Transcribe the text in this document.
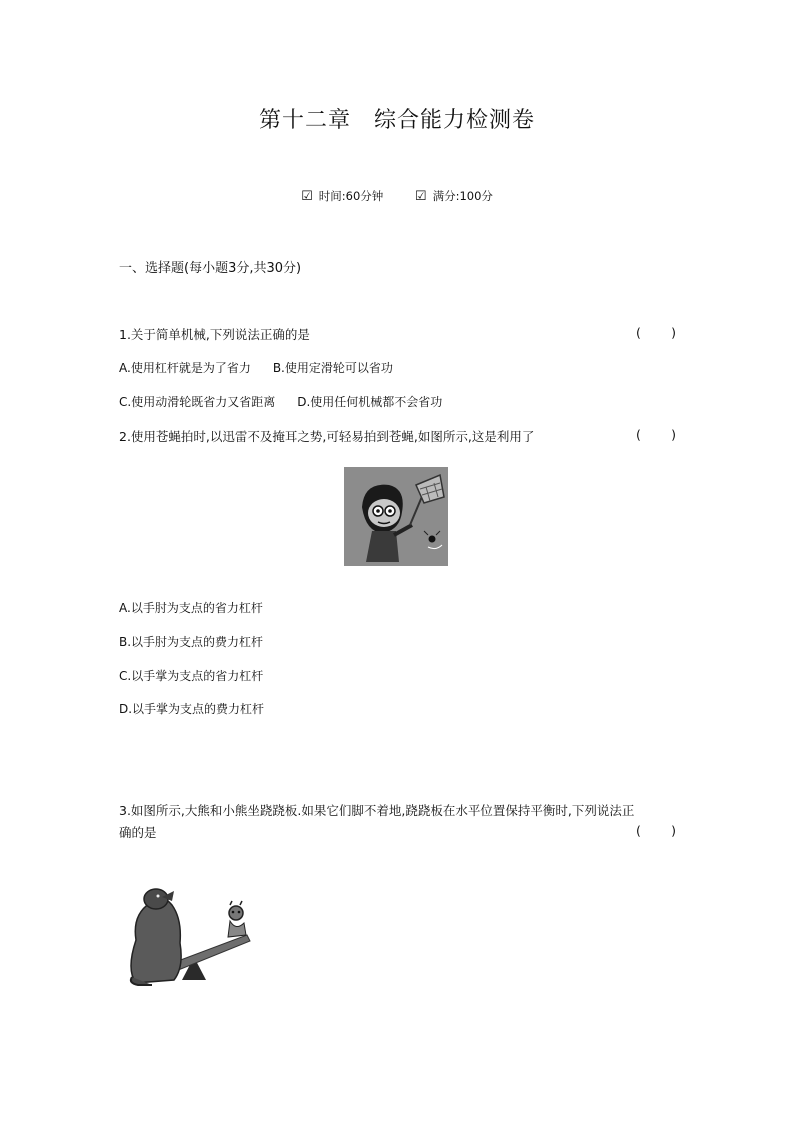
第十二章　综合能力检测卷
☑ 时间:60分钟 ☑ 满分:100分
一、选择题(每小题3分,共30分)
1.关于简单机械,下列说法正确的是	( )
A.使用杠杆就是为了省力 B.使用定滑轮可以省功
C.使用动滑轮既省力又省距离 D.使用任何机械都不会省功
2.使用苍蝇拍时,以迅雷不及掩耳之势,可轻易拍到苍蝇,如图所示,这是利用了	( )
A.以手肘为支点的省力杠杆
B.以手肘为支点的费力杠杆
C.以手掌为支点的省力杠杆
D.以手掌为支点的费力杠杆
3.如图所示,大熊和小熊坐跷跷板.如果它们脚不着地,跷跷板在水平位置保持平衡时,下列说法正
确的是	( )
